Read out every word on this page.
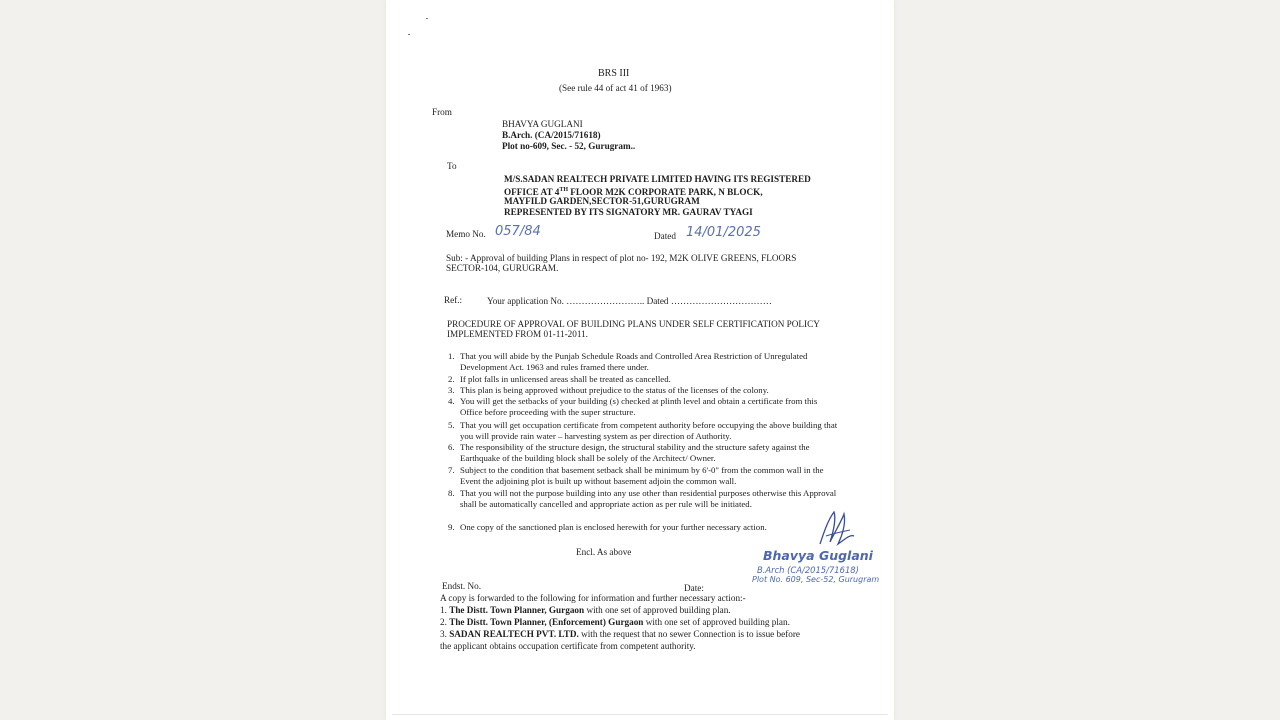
BRS III
(See rule 44 of act 41 of 1963)
From
BHAVYA GUGLANI
B.Arch. (CA/2015/71618)
Plot no-609, Sec. - 52, Gurugram..
To
M/S.SADAN REALTECH PRIVATE LIMITED HAVING ITS REGISTERED
OFFICE AT 4TH FLOOR M2K CORPORATE PARK, N BLOCK,
MAYFILD GARDEN,SECTOR-51,GURUGRAM
REPRESENTED BY ITS SIGNATORY MR. GAURAV TYAGI
Memo No. 057/84	Dated 14/01/2025
Sub: - Approval of building Plans in respect of plot no- 192, M2K OLIVE GREENS, FLOORS
SECTOR-104, GURUGRAM.
Ref.:	Your application No. …………………….. Dated ……………………………
PROCEDURE OF APPROVAL OF BUILDING PLANS UNDER SELF CERTIFICATION POLICY
IMPLEMENTED FROM 01-11-2011.
1. That you will abide by the Punjab Schedule Roads and Controlled Area Restriction of Unregulated Development Act. 1963 and rules framed there under.
2. If plot falls in unlicensed areas shall be treated as cancelled.
3. This plan is being approved without prejudice to the status of the licenses of the colony.
4. You will get the setbacks of your building (s) checked at plinth level and obtain a certificate from this Office before proceeding with the super structure.
5. That you will get occupation certificate from competent authority before occupying the above building that you will provide rain water – harvesting system as per direction of Authority.
6. The responsibility of the structure design, the structural stability and the structure safety against the Earthquake of the building block shall be solely of the Architect/ Owner.
7. Subject to the condition that basement setback shall be minimum by 6'-0" from the common wall in the Event the adjoining plot is built up without basement adjoin the common wall.
8. That you will not the purpose building into any use other than residential purposes otherwise this Approval shall be automatically cancelled and appropriate action as per rule will be initiated.
9. One copy of the sanctioned plan is enclosed herewith for your further necessary action.
Encl. As above	Bhavya Guglani
B.Arch (CA/2015/71618)
Plot No. 609, Sec-52, Gurugram
Endst. No.	Date:
A copy is forwarded to the following for information and further necessary action:-
1. The Distt. Town Planner, Gurgaon with one set of approved building plan.
2. The Distt. Town Planner, (Enforcement) Gurgaon with one set of approved building plan.
3. SADAN REALTECH PVT. LTD. with the request that no sewer Connection is to issue before
the applicant obtains occupation certificate from competent authority.
